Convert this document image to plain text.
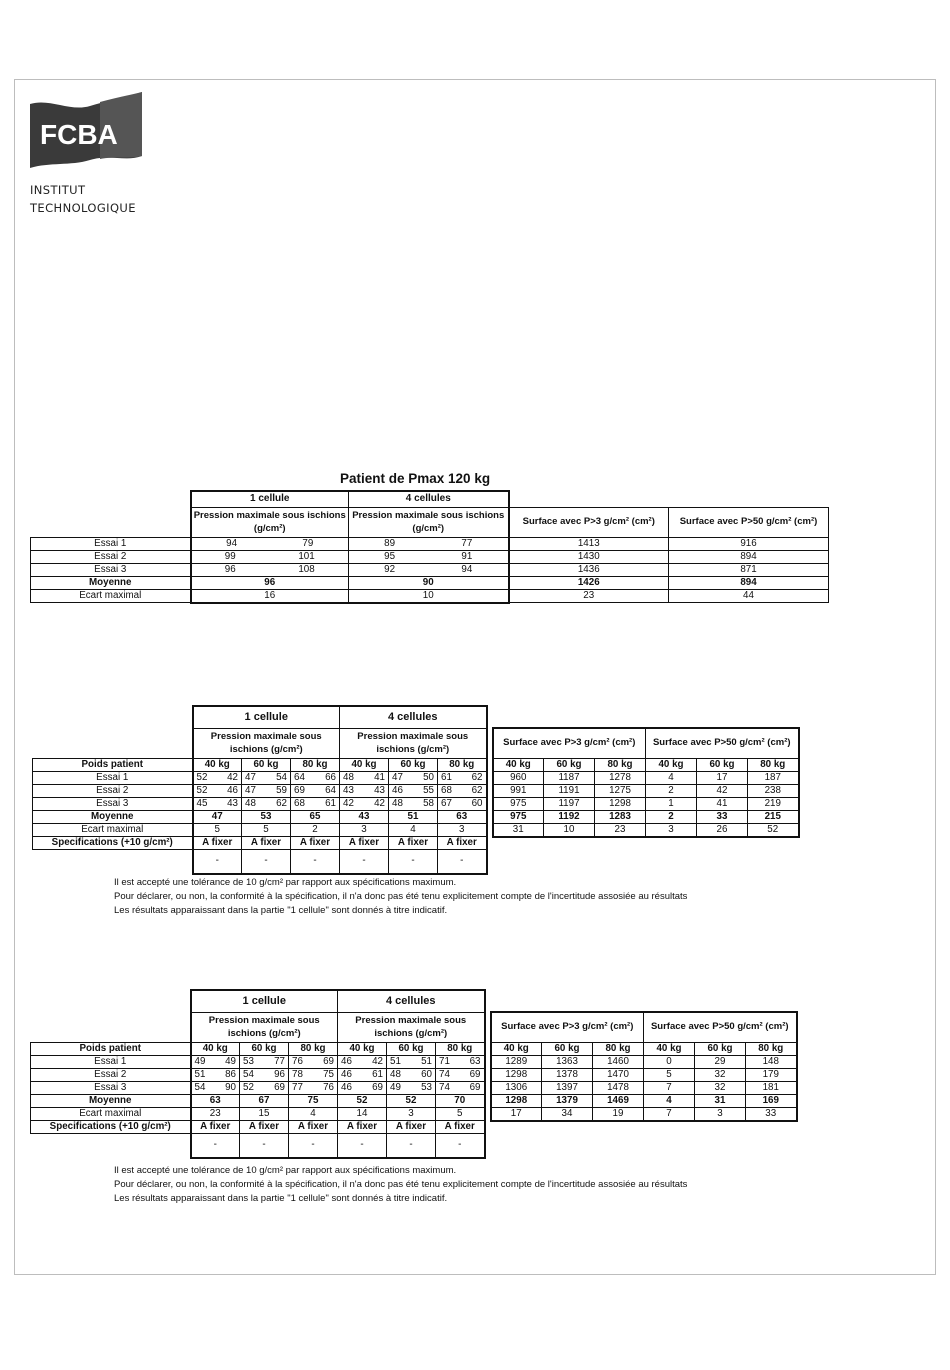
FCBA
INSTITUT
TECHNOLOGIQUE
Patient de Pmax 120 kg
	1 cellule	4 cellules		
	Pression maximale sous ischions (g/cm²)	Pression maximale sous ischions (g/cm²)	Surface avec P>3 g/cm² (cm²)	Surface avec P>50 g/cm² (cm²)
Essai 1	94 79	89 77	1413	916
Essai 2	99 101	95 91	1430	894
Essai 3	96 108	92 94	1436	871
Moyenne	96	90	1426	894
Ecart maximal	16	10	23	44
	1 cellule			4 cellules									
	Pression maximale sous ischions (g/cm²)			Pression maximale sous ischions (g/cm²)				Surface avec P>3 g/cm² (cm²)			Surface avec P>50 g/cm² (cm²)		
Poids patient	40 kg	60 kg	80 kg	40 kg	60 kg	80 kg		40 kg	60 kg	80 kg	40 kg	60 kg	80 kg
Essai 1	52 42	47 54	64 66	48 41	47 50	61 62		960	1187	1278	4	17	187
Essai 2	52 46	47 59	69 64	43 43	46 55	68 62		991	1191	1275	2	42	238
Essai 3	45 43	48 62	68 61	42 42	48 58	67 60		975	1197	1298	1	41	219
Moyenne	47	53	65	43	51	63		975	1192	1283	2	33	215
Ecart maximal	5	5	2	3	4	3		31	10	23	3	26	52
Specifications (+10 g/cm²)	A fixer	A fixer	A fixer	A fixer	A fixer	A fixer							
	-	-	-	-	-	-							
Il est accepté une tolérance de 10 g/cm² par rapport aux spécifications maximum.
Pour déclarer, ou non, la conformité à la spécification, il n'a donc pas été tenu explicitement compte de l'incertitude assosiée au résultats
Les résultats apparaissant dans la partie "1 cellule" sont donnés à titre indicatif.
	1 cellule			4 cellules									
	Pression maximale sous ischions (g/cm²)			Pression maximale sous ischions (g/cm²)				Surface avec P>3 g/cm² (cm²)			Surface avec P>50 g/cm² (cm²)		
Poids patient	40 kg	60 kg	80 kg	40 kg	60 kg	80 kg		40 kg	60 kg	80 kg	40 kg	60 kg	80 kg
Essai 1	49 49	53 77	76 69	46 42	51 51	71 63		1289	1363	1460	0	29	148
Essai 2	51 86	54 96	78 75	46 61	48 60	74 69		1298	1378	1470	5	32	179
Essai 3	54 90	52 69	77 76	46 69	49 53	74 69		1306	1397	1478	7	32	181
Moyenne	63	67	75	52	52	70		1298	1379	1469	4	31	169
Ecart maximal	23	15	4	14	3	5		17	34	19	7	3	33
Specifications (+10 g/cm²)	A fixer	A fixer	A fixer	A fixer	A fixer	A fixer							
	-	-	-	-	-	-							
Il est accepté une tolérance de 10 g/cm² par rapport aux spécifications maximum.
Pour déclarer, ou non, la conformité à la spécification, il n'a donc pas été tenu explicitement compte de l'incertitude assosiée au résultats
Les résultats apparaissant dans la partie "1 cellule" sont donnés à titre indicatif.
